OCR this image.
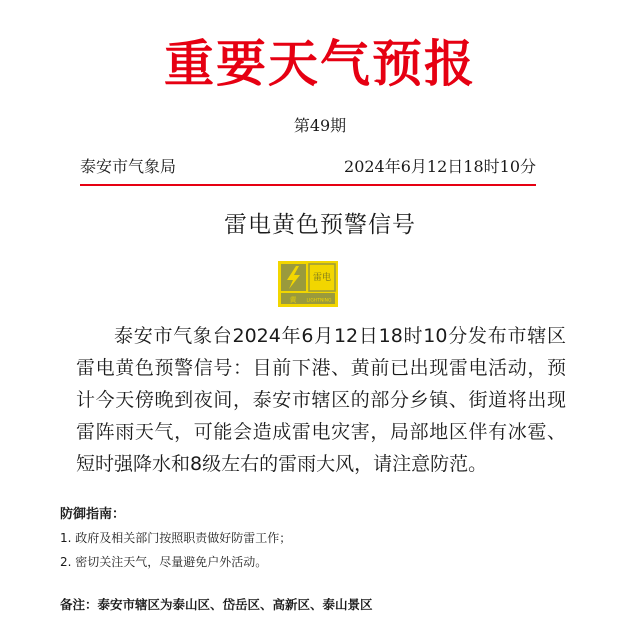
重要天气预报
第49期
泰安市气象局	2024年6月12日18时10分
雷电黄色预警信号
雷电
黄 LIGHTNING

泰安市气象台2024年6月12日18时10分发布市辖区雷电黄色预警信号：目前下港、黄前已出现雷电活动，预计今天傍晚到夜间，泰安市辖区的部分乡镇、街道将出现雷阵雨天气，可能会造成雷电灾害，局部地区伴有冰雹、短时强降水和8级左右的雷雨大风，请注意防范。

防御指南：
1. 政府及相关部门按照职责做好防雷工作；
2. 密切关注天气，尽量避免户外活动。
备注：泰安市辖区为泰山区、岱岳区、高新区、泰山景区
